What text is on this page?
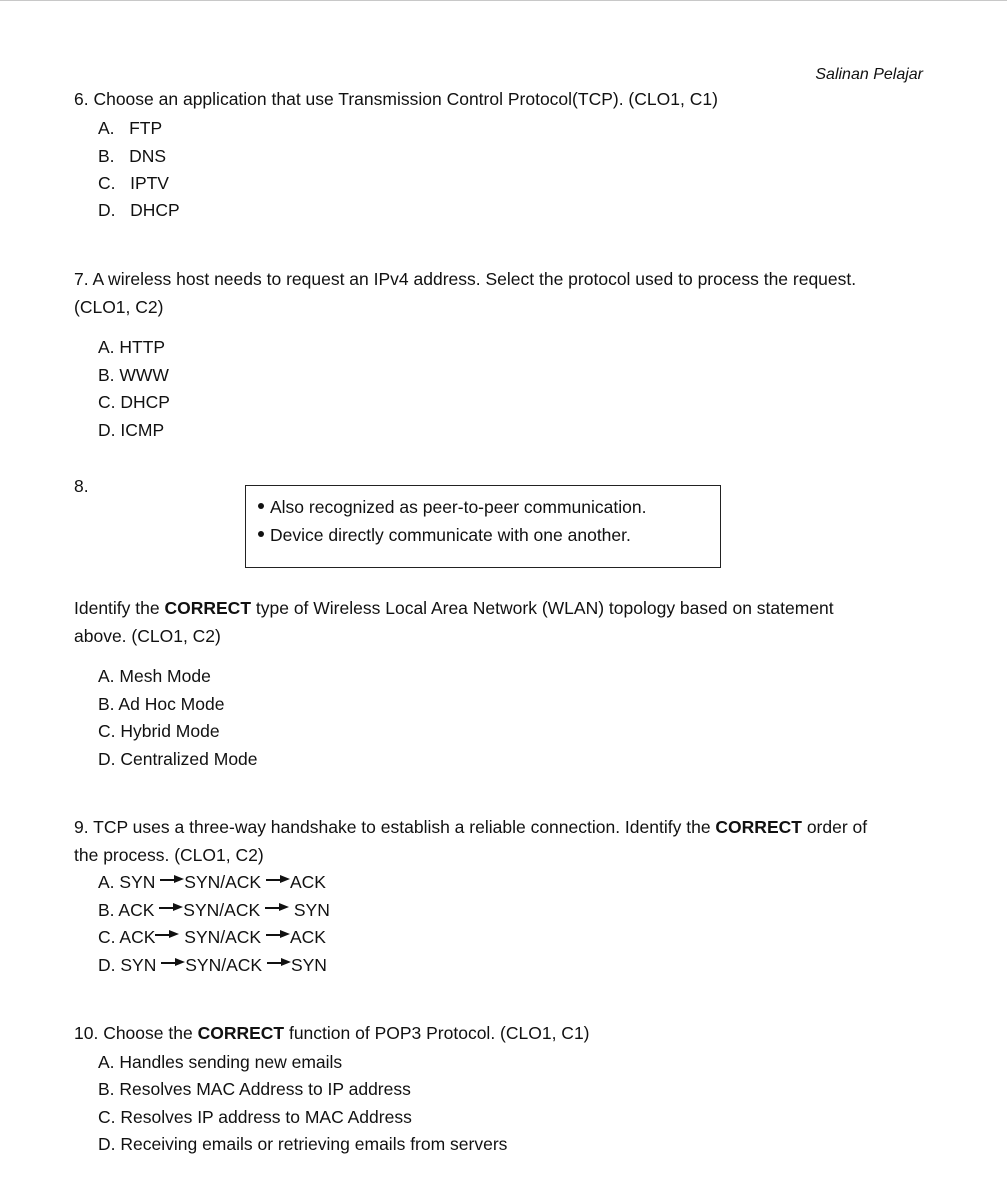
Salinan Pelajar
6. Choose an application that use Transmission Control Protocol(TCP). (CLO1, C1)
A.   FTP
B.   DNS
C.   IPTV
D.   DHCP
7. A wireless host needs to request an IPv4 address. Select the protocol used to process the request.
(CLO1, C2)
A. HTTP
B. WWW
C. DHCP
D. ICMP
8.
Also recognized as peer-to-peer communication.
Device directly communicate with one another.
Identify the CORRECT type of Wireless Local Area Network (WLAN) topology based on statement
above. (CLO1, C2)
A. Mesh Mode
B. Ad Hoc Mode
C. Hybrid Mode
D. Centralized Mode
9. TCP uses a three-way handshake to establish a reliable connection. Identify the CORRECT order of
the process. (CLO1, C2)
A. SYN SYN/ACK ACK
B. ACK SYN/ACK SYN
C. ACK SYN/ACK ACK
D. SYN SYN/ACK SYN
10. Choose the CORRECT function of POP3 Protocol. (CLO1, C1)
A. Handles sending new emails
B. Resolves MAC Address to IP address
C. Resolves IP address to MAC Address
D. Receiving emails or retrieving emails from servers
